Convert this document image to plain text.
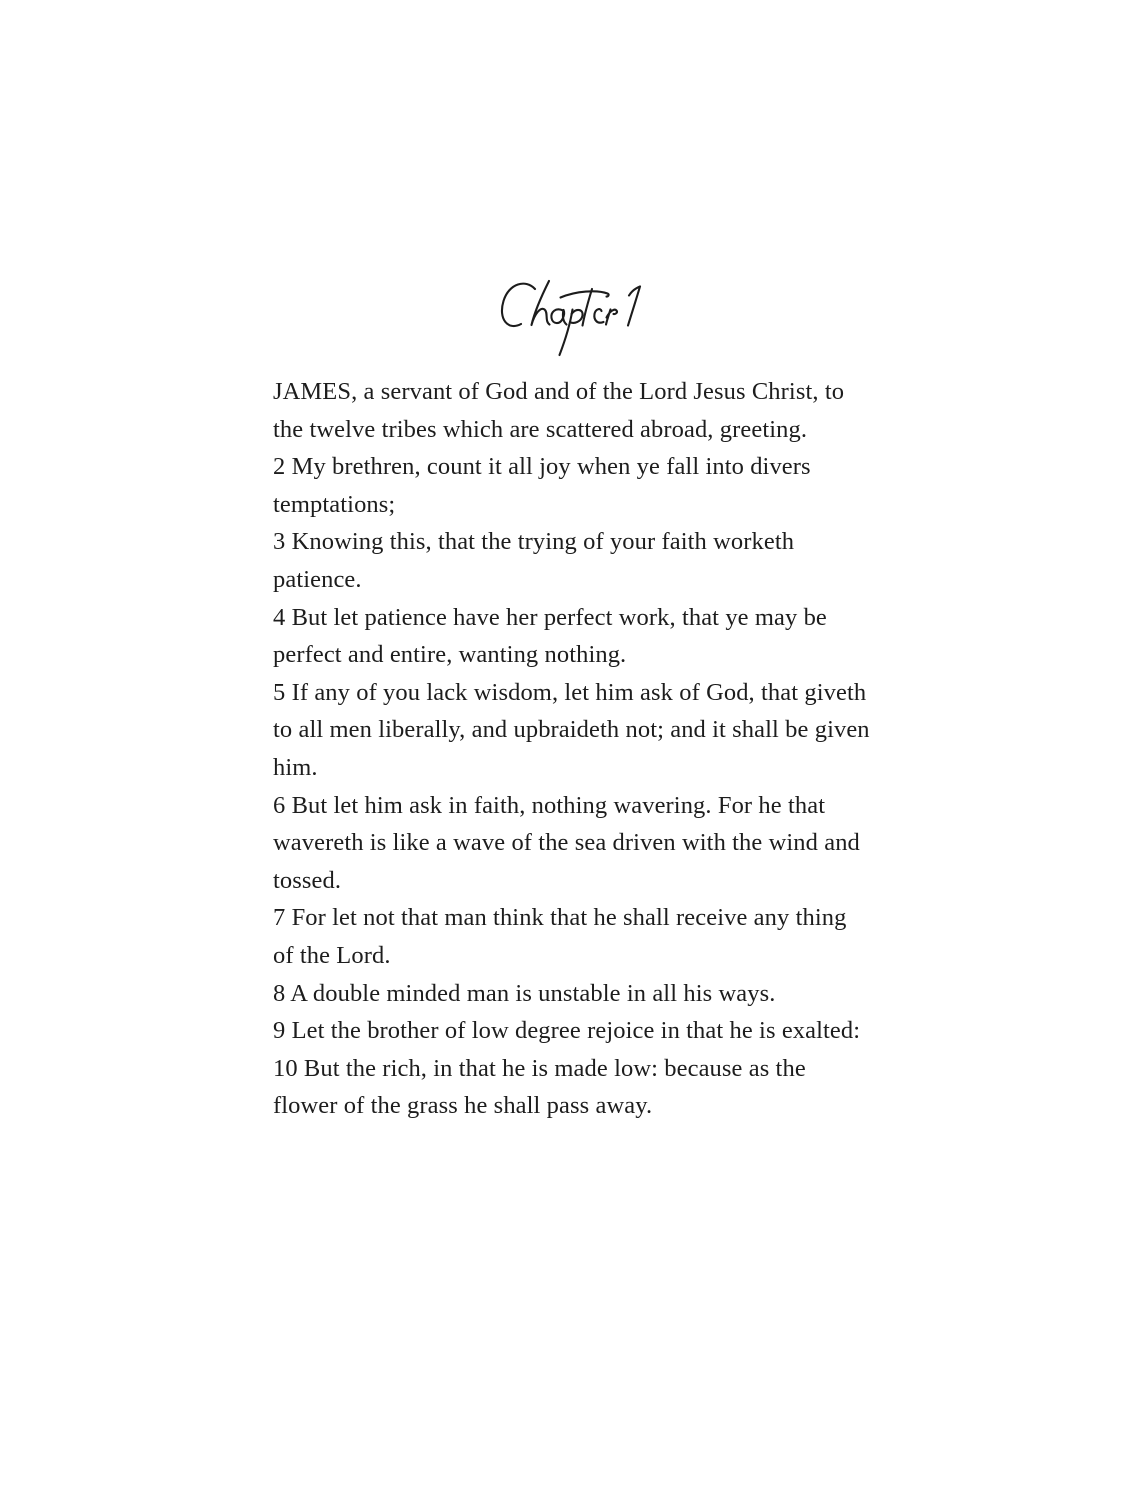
JAMES, a servant of God and of the Lord Jesus Christ, to the twelve tribes which are scattered abroad, greeting.

2 My brethren, count it all joy when ye fall into divers temptations;

3 Knowing this, that the trying of your faith worketh patience.

4 But let patience have her perfect work, that ye may be perfect and entire, wanting nothing.

5 If any of you lack wisdom, let him ask of God, that giveth to all men liberally, and upbraideth not; and it shall be given him.

6 But let him ask in faith, nothing wavering. For he that wavereth is like a wave of the sea driven with the wind and tossed.

7 For let not that man think that he shall receive any thing of the Lord.

8 A double minded man is unstable in all his ways.

9 Let the brother of low degree rejoice in that he is exalted:

10 But the rich, in that he is made low: because as the flower of the grass he shall pass away.
